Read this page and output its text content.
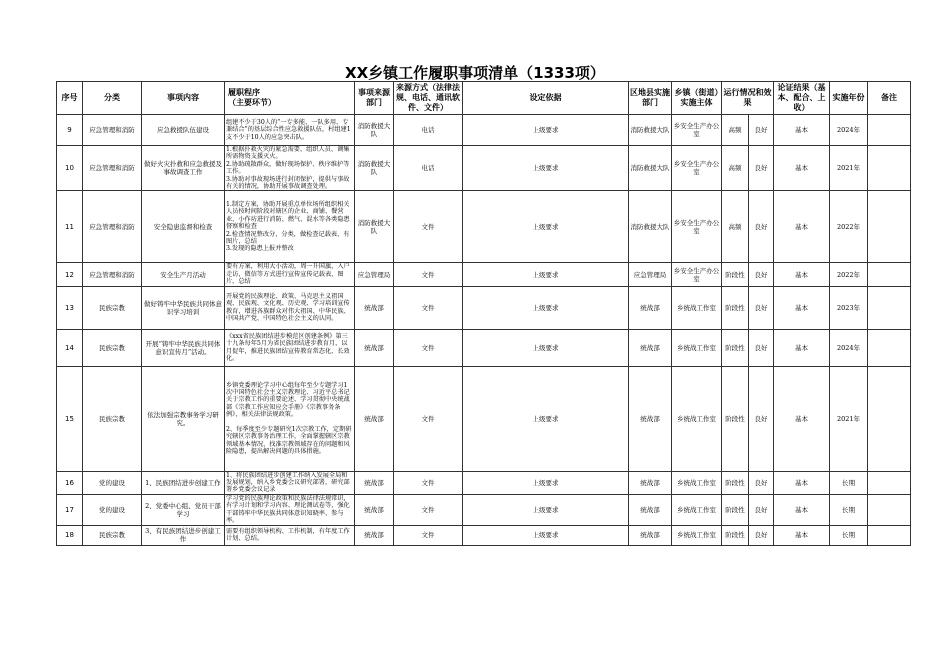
XX乡镇工作履职事项清单（1333项）
序号	分类	事项内容	履职程序
（主要环节）	事项来源
部门	来源方式（法律法规、电话、通讯软件、文件）	设定依据	区地县实施部门	乡镇（街道）实施主体	运行情况和效果		论证结果（基本、配合、上收）	实施年份	备注
9	应急管理和消防	应急救援队伍建设	组建不少于30人的“一专多能、一队多用、专兼结合”的基层综合性应急救援队伍，村组建1支不少于10人的应急突击队。	消防救援大队	电话	上级要求	消防救援大队	乡安全生产办公室	高频	良好	基本	2024年	
10	应急管理和消防	做好火灾扑救和应急救援及事故调查工作	1.根据扑救火灾的紧急需要，组织人员、调集所需物资支援灭火。
2.协助疏散群众，做好现场保护、秩序维护等工作。
3.协助对事故现场进行封闭保护，提供与事故有关的情况，协助开展事故调查处理。	消防救援大队	电话	上级要求	消防救援大队	乡安全生产办公室	高频	良好	基本	2021年	
11	应急管理和消防	安全隐患监督和检查	1.制定方案，协助开展重点单位场所组织相关人员按时间阶段对辖区的企业、商铺、餐营业、小作坊进行消防、燃气、混水等各类隐患督察和检查
2.检查情况整改分，分类，做检查记载表、有图片，总结
3.发现的隐患上报并整改	消防救援大队	文件	上级要求	消防救援大队	乡安全生产办公室	高频	良好	基本	2022年	
12	应急管理和消防	安全生产月活动	要有方案，利用大小活动，周一升国旗，入户走访，微信等方式进行宣传宣传记载表，图片，总结	应急管理局	文件	上级要求	应急管理局	乡安全生产办公室	阶段性	良好	基本	2022年	
13	民族宗教	做好铸牢中华民族共同体意识学习培训	开展党的民族理论、政策、马克思主义祖国观、民族观、文化观、历史观、学习培训宣传教育，增进各族群众对伟大祖国、中华民族、中国共产党、中国特色社会主义的认同。	统战部	文件	上级要求	统战部	乡统战工作室	阶段性	良好	基本	2023年	
14	民族宗教	开展“铸牢中华民族共同体意识宣传月”活动。	《xxx省民族团结进步模范区创建条例》第三十九条每年5月为省民族团结进步教育月，以月促年，推进民族团结宣传教育常态化、长效化。	统战部	文件	上级要求	统战部	乡统战工作室	阶段性	良好	基本	2024年	
15	民族宗教	依法加强宗教事务学习研究。	乡镇党委理论学习中心组每年至少专题学习1次中国特色社会主义宗教理论、习近平总书记关于宗教工作的重要论述、学习贯彻中央统战部《宗教工作应知应会手册》《宗教事务条例》，相关法律法规政策。

2、每季度至少专题研究1次宗教工作，定期研究辖区宗教事务治理工作，全面掌握辖区宗教领域基本情况，找准宗教领域存在的问题和风险隐患，提出解决问题的具体措施。	统战部	文件	上级要求	统战部	乡统战工作室	阶段性	良好	基本	2021年	
16	党的建设	1、民族团结进步创建工作	1、将民族团结进步创建工作纳入发展全局和发展规划，纳入乡党委会议研究部署，研究部署乡党委会议记录	统战部	文件	上级要求	统战部	乡统战工作室	阶段性	良好	基本	长期	
17	党的建设	2、党委中心组、党员干部学习	学习党的民族理论政策和民族法律法规常识，有学习计划和学习内容、理论测试卷等，强化干部铸牢中华民族共同体意识知晓率、参与率。	统战部	文件	上级要求	统战部	乡统战工作室	阶段性	良好	基本	长期	
18	民族宗教	3、有民族团结进步创建工作	需要有组织领导机构、工作机制，有年度工作计划、总结。	统战部	文件	上级要求	统战部	乡统战工作室	阶段性	良好	基本	长期	
